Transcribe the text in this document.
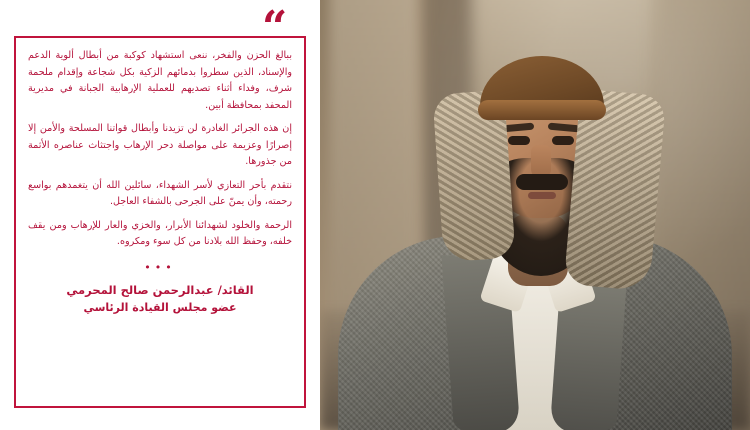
“

ببالغ الحزن والفخر، ننعى استشهاد كوكبة من أبطال ألوية الدعم والإسناد، الذين سطروا بدمائهم الزكية بكل شجاعة وإقدام ملحمة شرف، وفداء أثناء تصديهم للعملية الإرهابية الجبانة في مديرية المحفد بمحافظة أبين.

إن هذه الجرائر الغادرة لن تزيدنا وأبطال قواتنا المسلحة والأمن إلا إصرارًا وعزيمة على مواصلة دحر الإرهاب واجتثاث عناصره الأثمة من جذورها.

نتقدم بأحر التعازي لأسر الشهداء، سائلين الله أن يتغمدهم بواسع رحمته، وأن يمنّ على الجرحى بالشفاء العاجل.

الرحمة والخلود لشهدائنا الأبرار، والخزي والعار للإرهاب ومن يقف خلفه، وحفظ الله بلادنا من كل سوء ومكروه.

•••
القائد/ عبدالرحمن صالح المحرمي
عضو مجلس القيادة الرئاسي
